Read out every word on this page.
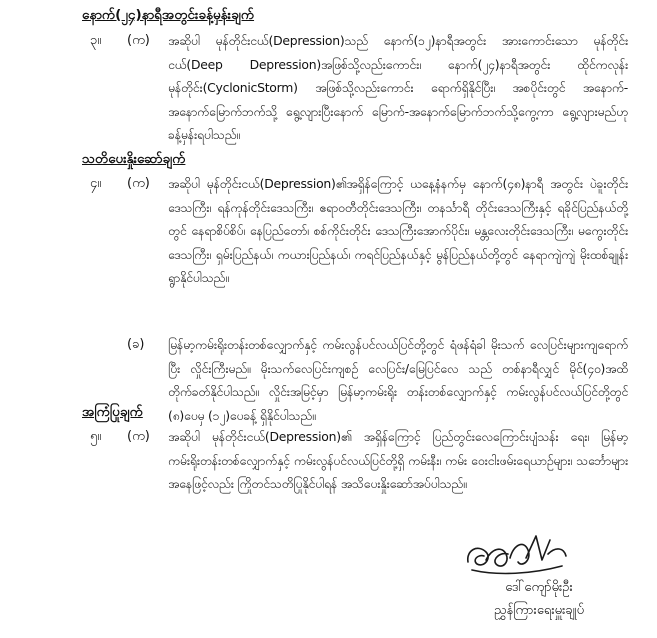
နောက်(၂၄)နာရီအတွင်းခန့်မှန်းချက်
၃။ (က) အဆိုပါ မုန်တိုင်းငယ်(Depression)သည် နောက်(၁၂)နာရီအတွင်း အားကောင်းသော မုန်တိုင်းငယ်(Deep Depression)အဖြစ်သို့လည်းကောင်း၊ နောက်(၂၄)နာရီအတွင်း ထိုင်ကလုန်းမုန်တိုင်း(CyclonicStorm) အဖြစ်သို့လည်းကောင်း ရောက်ရှိနိုင်ပြီး၊ အစပိုင်းတွင် အနောက်-အနောက်မြောက်ဘက်သို့ ရွေ့လျားပြီးနောက် မြောက်-အနောက်မြောက်ဘက်သို့ကွေ့ကာ ရွေ့လျားမည်ဟု ခန့်မှန်းရပါသည်။
သတိပေးနှိုးဆော်ချက်
၄။ (က) အဆိုပါ မုန်တိုင်းငယ်(Depression)၏အရှိန်ကြောင့် ယနေ့နံနက်မှ နောက်(၄၈)နာရီ အတွင်း ပဲခူးတိုင်းဒေသကြီး၊ ရန်ကုန်တိုင်းဒေသကြီး၊ ဧရာဝတီတိုင်းဒေသကြီး၊ တနင်္သာရီ တိုင်းဒေသကြီးနှင့် ရခိုင်ပြည်နယ်တို့တွင် နေရာစိပ်စိပ်၊ နေပြည်တော်၊ စစ်ကိုင်းတိုင်း ဒေသကြီးအောက်ပိုင်း၊ မန္တလေးတိုင်းဒေသကြီး၊ မကွေးတိုင်းဒေသကြီး၊ ရှမ်းပြည်နယ်၊ ကယားပြည်နယ်၊ ကရင်ပြည်နယ်နှင့် မွန်ပြည်နယ်တို့တွင် နေရာကျဲကျဲ မိုးထစ်ချုန်း ရွာနိုင်ပါသည်။
(ခ) မြန်မာ့ကမ်းရိုးတန်းတစ်လျှောက်နှင့် ကမ်းလွန်ပင်လယ်ပြင်တို့တွင် ရံဖန်ရံခါ မိုးသက် လေပြင်းများကျရောက်ပြီး လှိုင်းကြီးမည်။ မိုးသက်လေပြင်းကျစဉ် လေပြင်း/မြေပြင်လေ သည် တစ်နာရီလျှင် မိုင်(၄၀)အထိ တိုက်ခတ်နိုင်ပါသည်။ လှိုင်းအမြင့်မှာ မြန်မာ့ကမ်းရိုး တန်းတစ်လျှောက်နှင့် ကမ်းလွန်ပင်လယ်ပြင်တို့တွင် (၈)ပေမှ (၁၂)ပေခန့် ရှိနိုင်ပါသည်။
အကြံပြုချက်
၅။ (က) အဆိုပါ မုန်တိုင်းငယ်(Depression)၏ အရှိန်ကြောင့် ပြည်တွင်းလေကြောင်းပျံသန်း ရေး၊ မြန်မာ့ကမ်းရိုးတန်းတစ်လျှောက်နှင့် ကမ်းလွန်ပင်လယ်ပြင်တို့ရှိ ကမ်းနီး၊ ကမ်း ဝေးငါးဖမ်းရေယာဉ်များ၊ သင်္ဘောများအနေဖြင့်လည်း ကြိုတင်သတိပြုနိုင်ပါရန် အသိပေးနှိုးဆော်အပ်ပါသည်။
ဒေါ်ကျော်မိုးဦး
ညွှန်ကြားရေးမှူးချုပ်
